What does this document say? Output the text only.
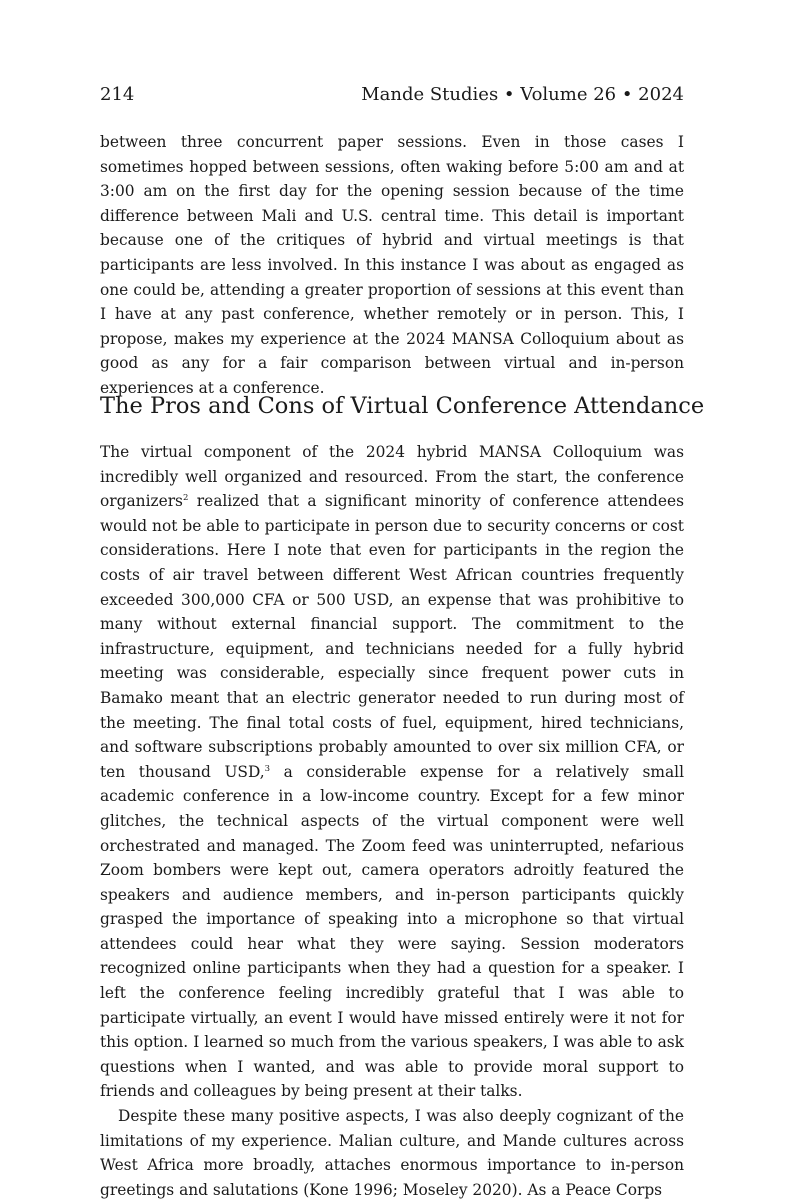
214	Mande Studies • Volume 26 • 2024

between three concurrent paper sessions. Even in those cases I sometimes hopped between sessions, often waking before 5:00 am and at 3:00 am on the first day for the opening session because of the time difference between Mali and U.S. central time. This detail is important because one of the critiques of hybrid and virtual meetings is that participants are less involved. In this instance I was about as engaged as one could be, attending a greater proportion of sessions at this event than I have at any past conference, whether remotely or in person. This, I propose, makes my experience at the 2024 MANSA Colloquium about as good as any for a fair comparison between virtual and in-person experiences at a conference.

The Pros and Cons of Virtual Conference Attendance

The virtual component of the 2024 hybrid MANSA Colloquium was incredibly well organized and resourced. From the start, the conference organizers$^2$ realized that a significant minority of conference attendees would not be able to participate in person due to security concerns or cost considerations. Here I note that even for participants in the region the costs of air travel between different West African countries frequently exceeded 300,000 CFA or 500 USD, an expense that was prohibitive to many without external financial support. The commitment to the infrastructure, equipment, and technicians needed for a fully hybrid meeting was considerable, especially since frequent power cuts in Bamako meant that an electric generator needed to run during most of the meeting. The final total costs of fuel, equipment, hired technicians, and software subscriptions probably amounted to over six million CFA, or ten thousand USD,$^3$ a considerable expense for a relatively small academic conference in a low-income country. Except for a few minor glitches, the technical aspects of the virtual component were well orchestrated and managed. The Zoom feed was uninterrupted, nefarious Zoom bombers were kept out, camera operators adroitly featured the speakers and audience members, and in-person participants quickly grasped the importance of speaking into a microphone so that virtual attendees could hear what they were saying. Session moderators recognized online participants when they had a question for a speaker. I left the conference feeling incredibly grateful that I was able to participate virtually, an event I would have missed entirely were it not for this option. I learned so much from the various speakers, I was able to ask questions when I wanted, and was able to provide moral support to friends and colleagues by being present at their talks.

Despite these many positive aspects, I was also deeply cognizant of the limitations of my experience. Malian culture, and Mande cultures across West Africa more broadly, attaches enormous importance to in-person greetings and salutations (Kone 1996; Moseley 2020). As a Peace Corps
